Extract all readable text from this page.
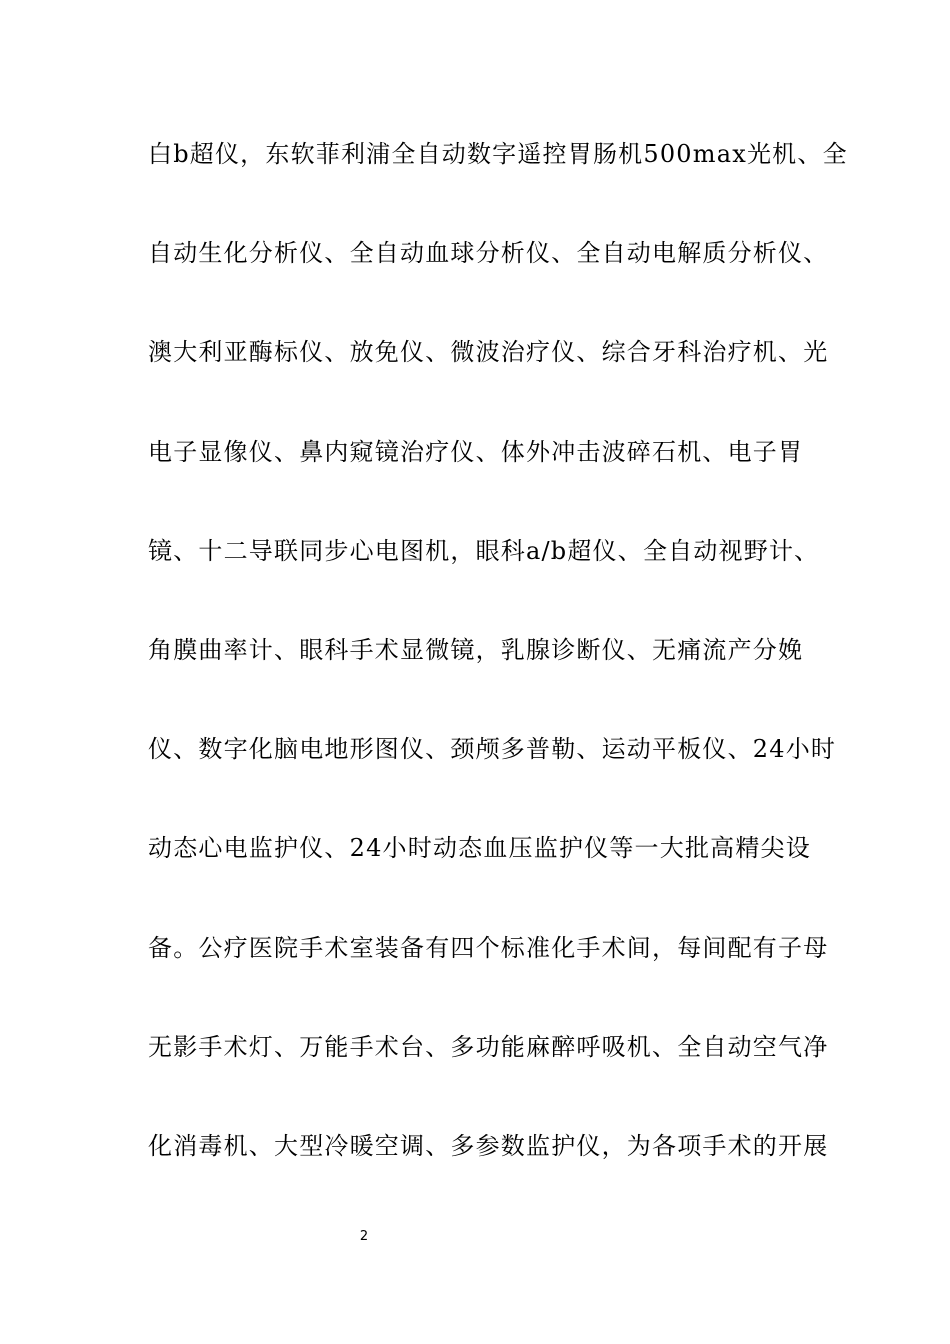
白b超仪，东软菲利浦全自动数字遥控胃肠机500max光机、全
自动生化分析仪、全自动血球分析仪、全自动电解质分析仪、
澳大利亚酶标仪、放免仪、微波治疗仪、综合牙科治疗机、光
电子显像仪、鼻内窥镜治疗仪、体外冲击波碎石机、电子胃
镜、十二导联同步心电图机，眼科a/b超仪、全自动视野计、
角膜曲率计、眼科手术显微镜，乳腺诊断仪、无痛流产分娩
仪、数字化脑电地形图仪、颈颅多普勒、运动平板仪、24小时
动态心电监护仪、24小时动态血压监护仪等一大批高精尖设
备。公疗医院手术室装备有四个标准化手术间，每间配有子母
无影手术灯、万能手术台、多功能麻醉呼吸机、全自动空气净
化消毒机、大型冷暖空调、多参数监护仪，为各项手术的开展
2
